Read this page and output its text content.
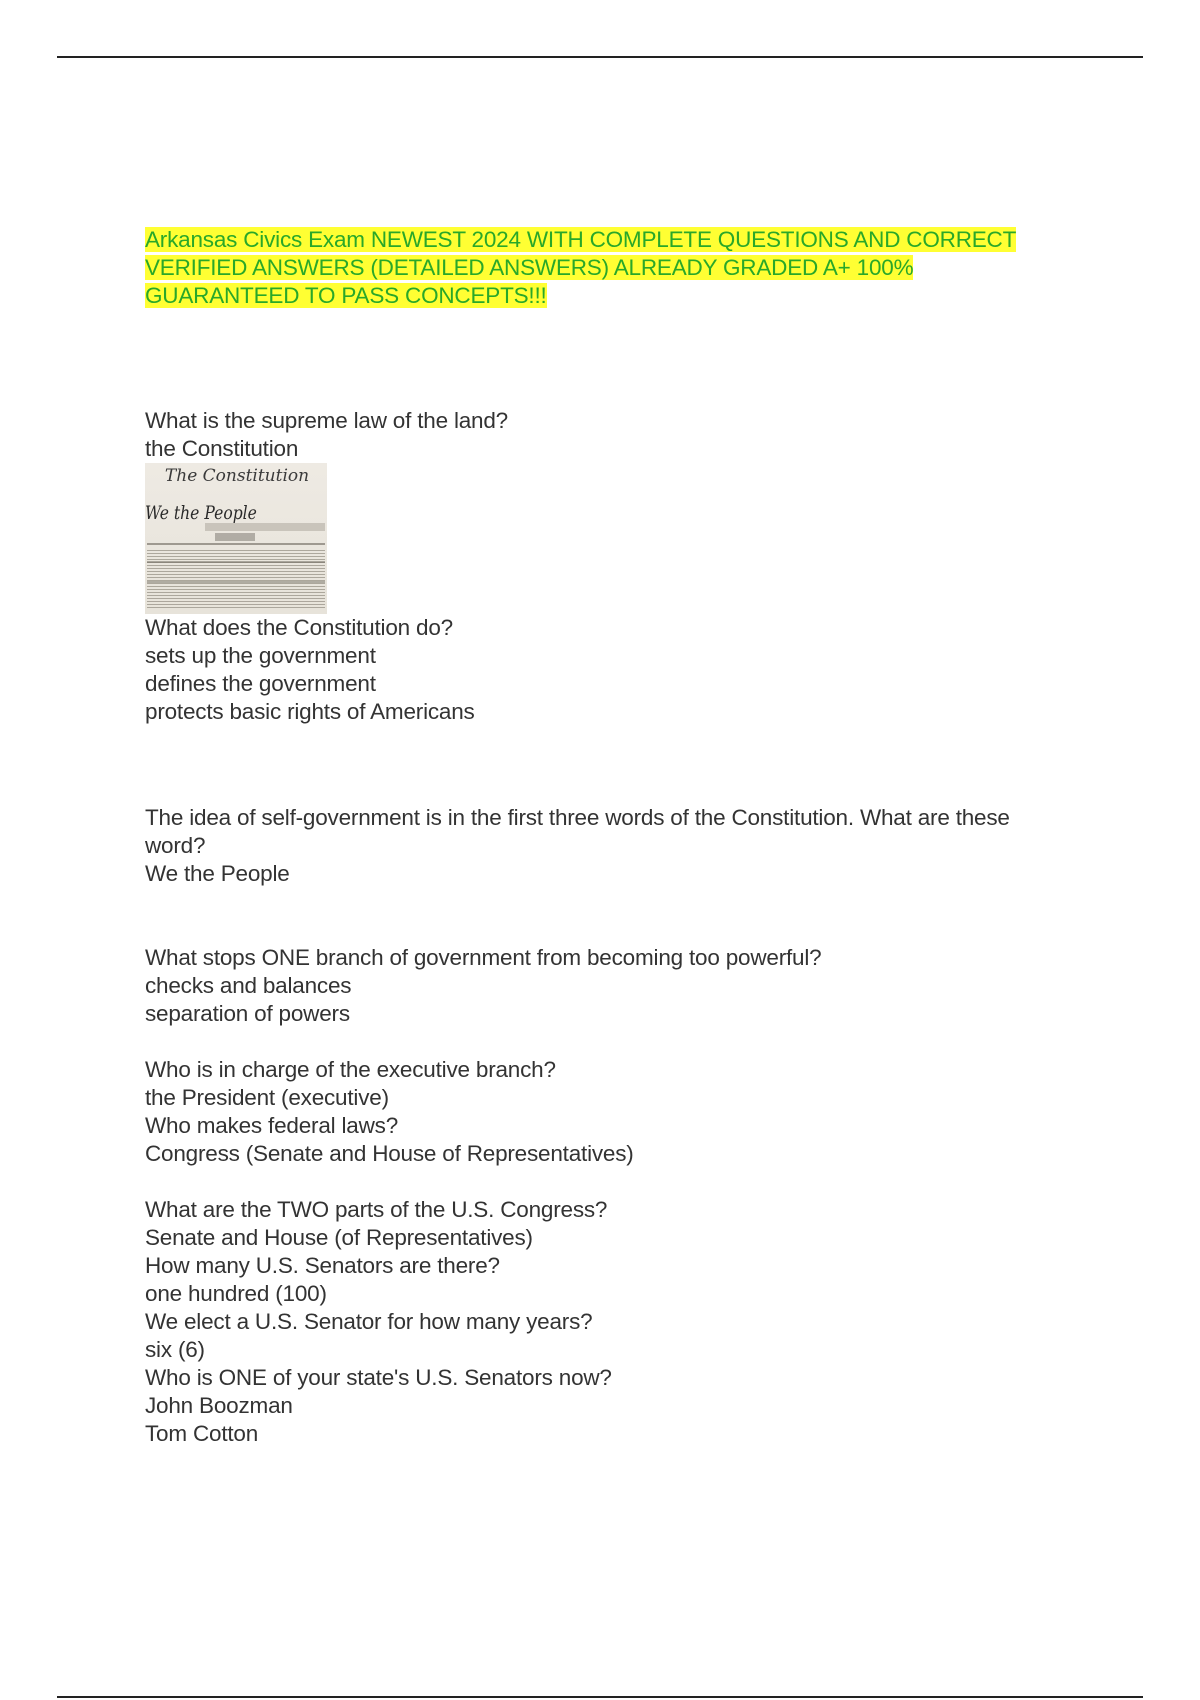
Arkansas Civics Exam NEWEST 2024 WITH COMPLETE QUESTIONS AND CORRECT VERIFIED ANSWERS (DETAILED ANSWERS) ALREADY GRADED A+ 100% GUARANTEED TO PASS CONCEPTS!!!

What is the supreme law of the land?

the Constitution

The Constitution
We the People

What does the Constitution do?

sets up the government

defines the government

protects basic rights of Americans

The idea of self-government is in the first three words of the Constitution. What are these word?

We the People

What stops ONE branch of government from becoming too powerful?

checks and balances

separation of powers

Who is in charge of the executive branch?

the President (executive)

Who makes federal laws?

Congress (Senate and House of Representatives)

What are the TWO parts of the U.S. Congress?

Senate and House (of Representatives)

How many U.S. Senators are there?

one hundred (100)

We elect a U.S. Senator for how many years?

six (6)

Who is ONE of your state's U.S. Senators now?

John Boozman

Tom Cotton
